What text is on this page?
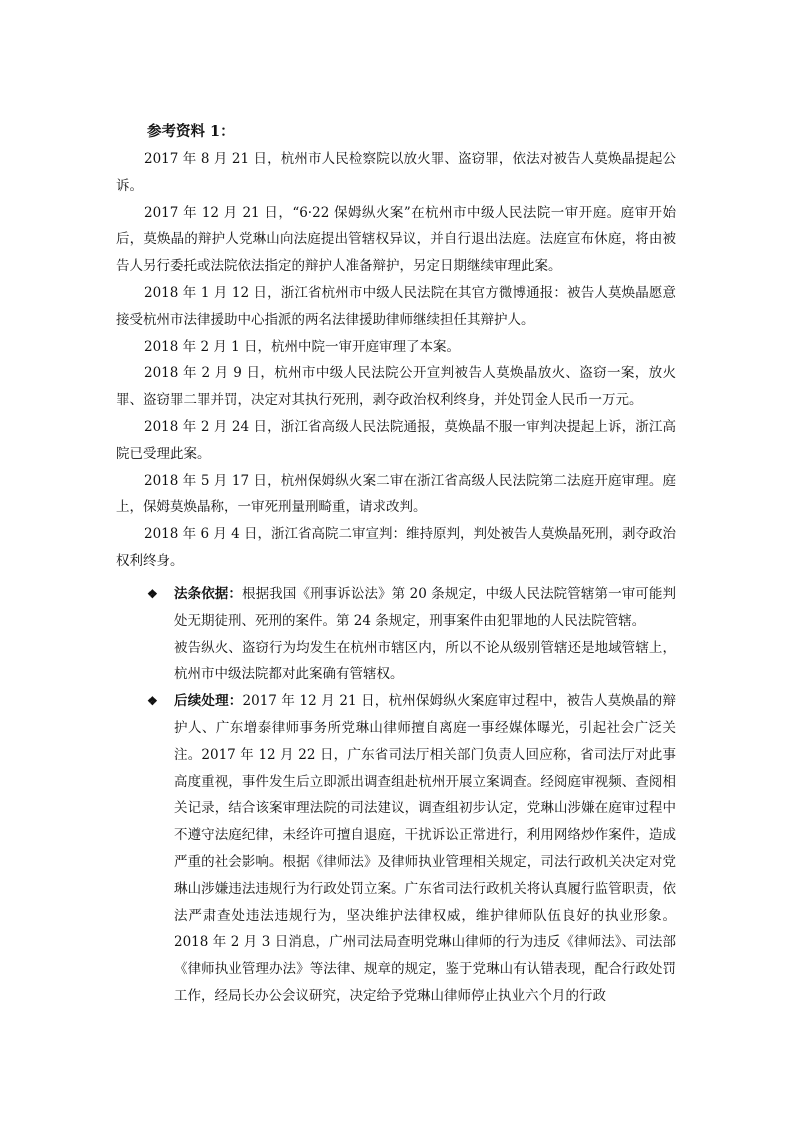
参考资料 1：

2017 年 8 月 21 日，杭州市人民检察院以放火罪、盗窃罪，依法对被告人莫焕晶提起公诉。

2017 年 12 月 21 日，“6·22 保姆纵火案”在杭州市中级人民法院一审开庭。庭审开始后，莫焕晶的辩护人党琳山向法庭提出管辖权异议，并自行退出法庭。法庭宣布休庭，将由被告人另行委托或法院依法指定的辩护人准备辩护，另定日期继续审理此案。

2018 年 1 月 12 日，浙江省杭州市中级人民法院在其官方微博通报：被告人莫焕晶愿意接受杭州市法律援助中心指派的两名法律援助律师继续担任其辩护人。

2018 年 2 月 1 日，杭州中院一审开庭审理了本案。

2018 年 2 月 9 日，杭州市中级人民法院公开宣判被告人莫焕晶放火、盗窃一案，放火罪、盗窃罪二罪并罚，决定对其执行死刑，剥夺政治权利终身，并处罚金人民币一万元。

2018 年 2 月 24 日，浙江省高级人民法院通报，莫焕晶不服一审判决提起上诉，浙江高院已受理此案。

2018 年 5 月 17 日，杭州保姆纵火案二审在浙江省高级人民法院第二法庭开庭审理。庭上，保姆莫焕晶称，一审死刑量刑畸重，请求改判。

2018 年 6 月 4 日，浙江省高院二审宣判：维持原判，判处被告人莫焕晶死刑，剥夺政治权利终身。

❖ 法条依据：根据我国《刑事诉讼法》第 20 条规定，中级人民法院管辖第一审可能判处无期徒刑、死刑的案件。第 24 条规定，刑事案件由犯罪地的人民法院管辖。

被告纵火、盗窃行为均发生在杭州市辖区内，所以不论从级别管辖还是地域管辖上，杭州市中级法院都对此案确有管辖权。

❖ 后续处理：2017 年 12 月 21 日，杭州保姆纵火案庭审过程中，被告人莫焕晶的辩护人、广东增泰律师事务所党琳山律师擅自离庭一事经媒体曝光，引起社会广泛关注。2017 年 12 月 22 日，广东省司法厅相关部门负责人回应称，省司法厅对此事高度重视，事件发生后立即派出调查组赴杭州开展立案调查。经阅庭审视频、查阅相关记录，结合该案审理法院的司法建议，调查组初步认定，党琳山涉嫌在庭审过程中不遵守法庭纪律，未经许可擅自退庭，干扰诉讼正常进行，利用网络炒作案件，造成严重的社会影响。根据《律师法》及律师执业管理相关规定，司法行政机关决定对党琳山涉嫌违法违规行为行政处罚立案。广东省司法行政机关将认真履行监管职责，依法严肃查处违法违规行为，坚决维护法律权威，维护律师队伍良好的执业形象。2018 年 2 月 3 日消息，广州司法局查明党琳山律师的行为违反《律师法》、司法部《律师执业管理办法》等法律、规章的规定，鉴于党琳山有认错表现，配合行政处罚工作，经局长办公会议研究，决定给予党琳山律师停止执业六个月的行政
